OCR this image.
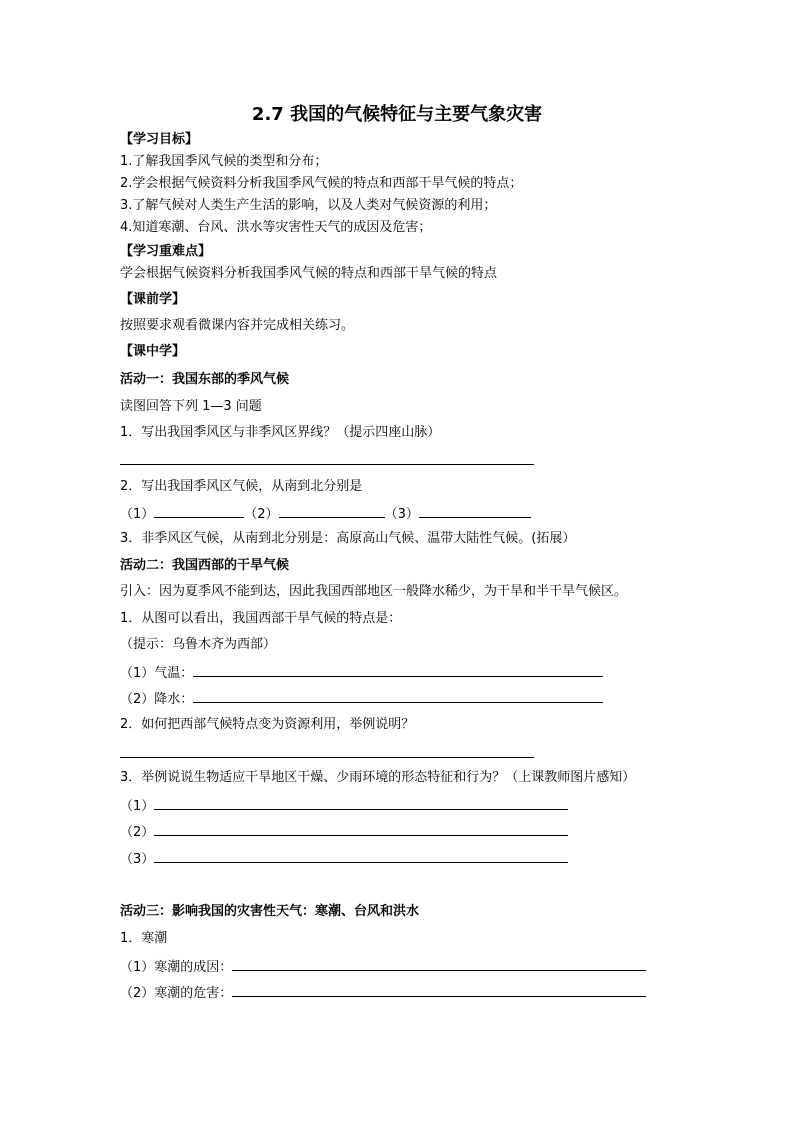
2.7 我国的气候特征与主要气象灾害
【学习目标】
1.了解我国季风气候的类型和分布；
2.学会根据气候资料分析我国季风气候的特点和西部干旱气候的特点；
3.了解气候对人类生产生活的影响，以及人类对气候资源的利用；
4.知道寒潮、台风、洪水等灾害性天气的成因及危害；
【学习重难点】
学会根据气候资料分析我国季风气候的特点和西部干旱气候的特点
【课前学】
按照要求观看微课内容并完成相关练习。
【课中学】
活动一：我国东部的季风气候
读图回答下列 1—3 问题
1．写出我国季风区与非季风区界线？（提示四座山脉）
2．写出我国季风区气候，从南到北分别是
（1）	（2）	（3）
3．非季风区气候，从南到北分别是：高原高山气候、温带大陆性气候。(拓展）
活动二：我国西部的干旱气候
引入：因为夏季风不能到达，因此我国西部地区一般降水稀少，为干旱和半干旱气候区。
1．从图可以看出，我国西部干旱气候的特点是：
（提示：乌鲁木齐为西部）
（1）气温：
（2）降水：
2．如何把西部气候特点变为资源利用，举例说明？
3．举例说说生物适应干旱地区干燥、少雨环境的形态特征和行为？（上课教师图片感知）
（1）
（2）
（3）
活动三：影响我国的灾害性天气：寒潮、台风和洪水
1．寒潮
（1）寒潮的成因：
（2）寒潮的危害：
